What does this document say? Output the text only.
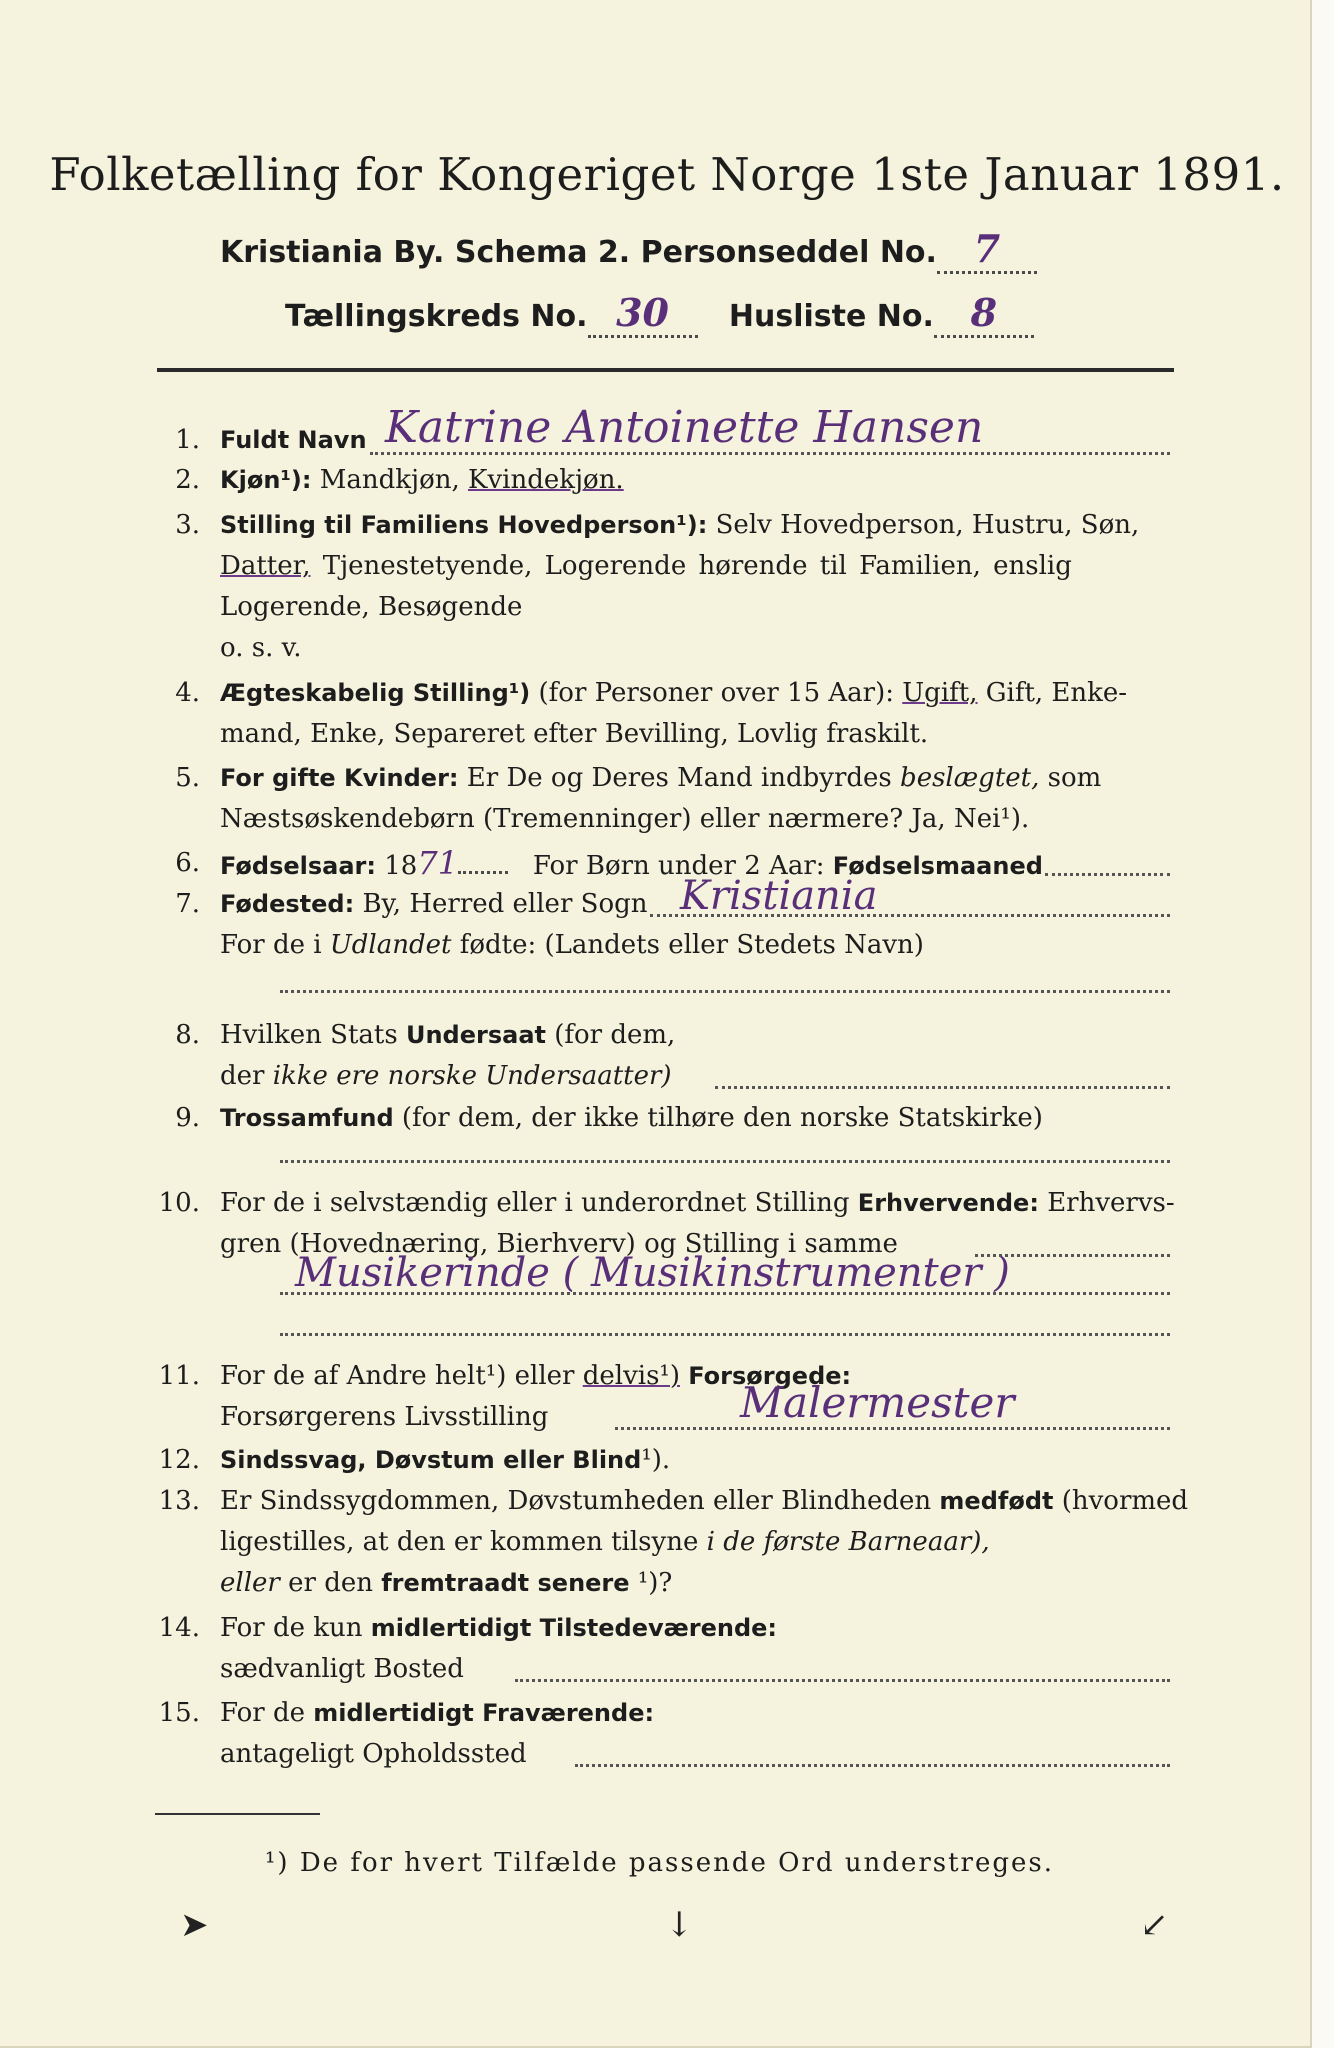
Folketælling for Kongeriget Norge 1ste Januar 1891.
Kristiania By. Schema 2. Personseddel No. 7
Tællingskreds No. 30 Husliste No. 8
1. Fuldt Navn Katrine Antoinette Hansen
2. Kjøn¹): Mandkjøn, Kvindekjøn.
3. Stilling til Familiens Hovedperson¹): Selv Hovedperson, Hustru, Søn,
Datter, Tjenestetyende, Logerende hørende til Familien, enslig
Logerende, Besøgende
o. s. v.
4. Ægteskabelig Stilling¹) (for Personer over 15 Aar): Ugift, Gift, Enke-
mand, Enke, Separeret efter Bevilling, Lovlig fraskilt.
5. For gifte Kvinder: Er De og Deres Mand indbyrdes beslægtet, som
Næstsøskendebørn (Tremenninger) eller nærmere? Ja, Nei¹).
6. Fødselsaar: 1871	For Børn under 2 Aar: Fødselsmaaned
7. Fødested: By, Herred eller Sogn Kristiania
For de i Udlandet fødte: (Landets eller Stedets Navn)
8. Hvilken Stats Undersaat (for dem,
der ikke ere norske Undersaatter)
9. Trossamfund (for dem, der ikke tilhøre den norske Statskirke)
10. For de i selvstændig eller i underordnet Stilling Erhvervende: Erhvervs-
gren (Hovednæring, Bierhverv) og Stilling i samme
Musikerinde ( Musikinstrumenter )
11. For de af Andre helt¹) eller delvis¹) Forsørgede:
Forsørgerens Livsstilling	Malermester
12. Sindssvag, Døvstum eller Blind¹).
13. Er Sindssygdommen, Døvstumheden eller Blindheden medfødt (hvormed
ligestilles, at den er kommen tilsyne i de første Barneaar),
eller er den fremtraadt senere ¹)?
14. For de kun midlertidigt Tilstedeværende:
sædvanligt Bosted
15. For de midlertidigt Fraværende:
antageligt Opholdssted
¹) De for hvert Tilfælde passende Ord understreges.
➤	↓	↙
